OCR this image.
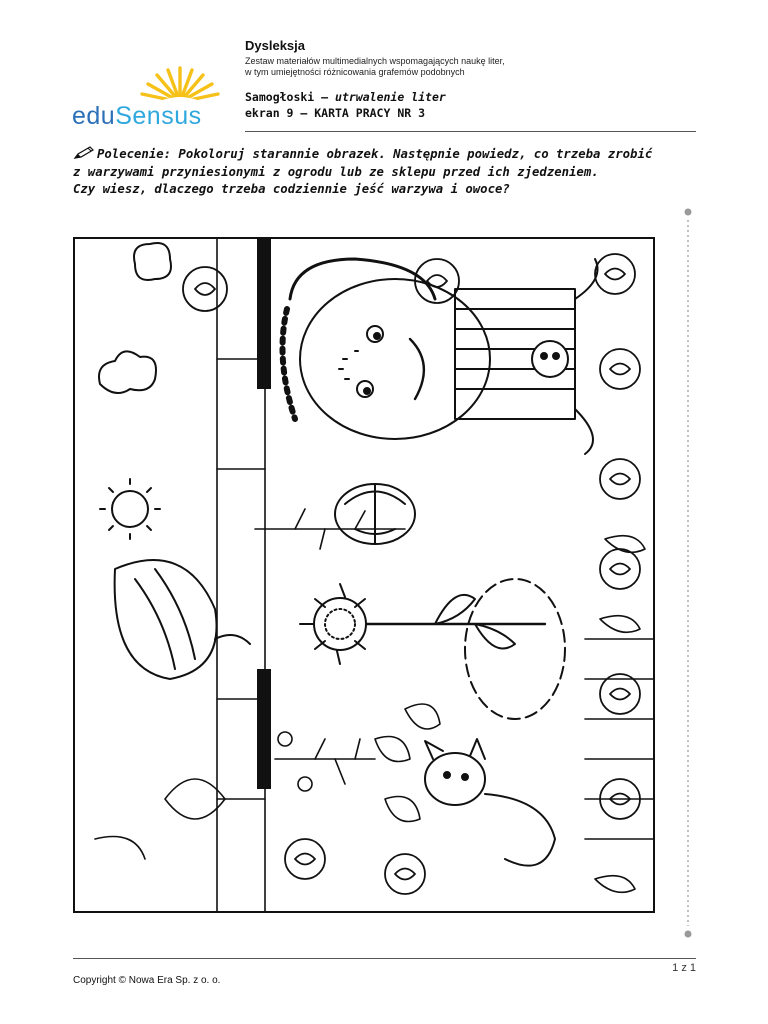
eduSensus
Dysleksja
Zestaw materiałów multimedialnych wspomagających naukę liter,
w tym umiejętności różnicowania grafemów podobnych
Samogłoski – utrwalenie liter
ekran 9 – KARTA PRACY NR 3
Polecenie: Pokoloruj starannie obrazek. Następnie powiedz, co trzeba zrobić
z warzywami przyniesionymi z ogrodu lub ze sklepu przed ich zjedzeniem.
Czy wiesz, dlaczego trzeba codziennie jeść warzywa i owoce?
1 z 1
Copyright © Nowa Era Sp. z o. o.
